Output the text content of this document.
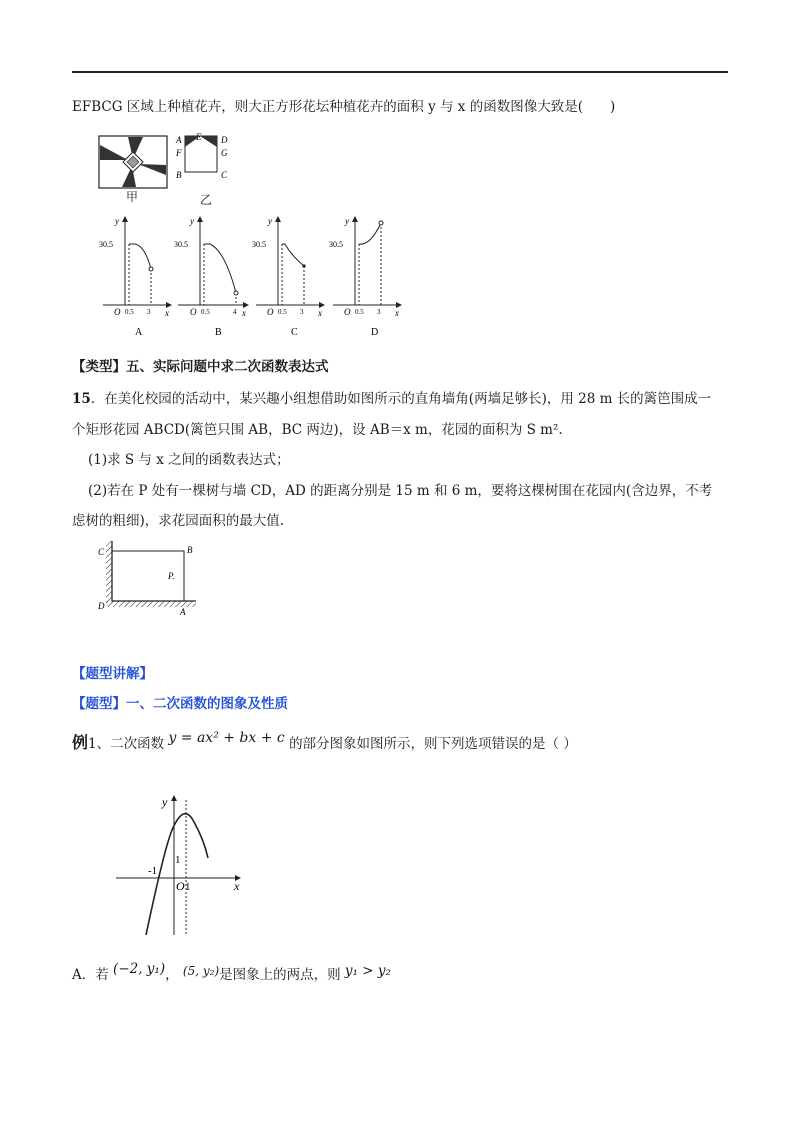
EFBCG 区域上种植花卉，则大正方形花坛种植花卉的面积 y 与 x 的函数图像大致是(　　)
甲
A E D
F	G
B	C
乙
y
x
O
30.5
0.5 3
A
y
x
O
30.5
0.5	4
B
y
x
O
30.5
0.5 3
C
y
x
O
30.5
0.5 3
D
【类型】五、实际问题中求二次函数表达式
15．在美化校园的活动中，某兴趣小组想借助如图所示的直角墙角(两墙足够长)，用 28 m 长的篱笆围成一
个矩形花园 ABCD(篱笆只围 AB，BC 两边)，设 AB＝x m，花园的面积为 S m².
(1)求 S 与 x 之间的函数表达式；
(2)若在 P 处有一棵树与墙 CD，AD 的距离分别是 15 m 和 6 m，要将这棵树围在花园内(含边界，不考
虑树的粗细)，求花园面积的最大值.
C	B
D
A
P.
【题型讲解】
【题型】一、二次函数的图象及性质
例1、二次函数 y = ax² + bx + c 的部分图象如图所示，则下列选项错误的是（ ）
y
x
O
-1
1
1
A．若 (−2, y₁)， (5, y₂)是图象上的两点，则 y₁ > y₂
